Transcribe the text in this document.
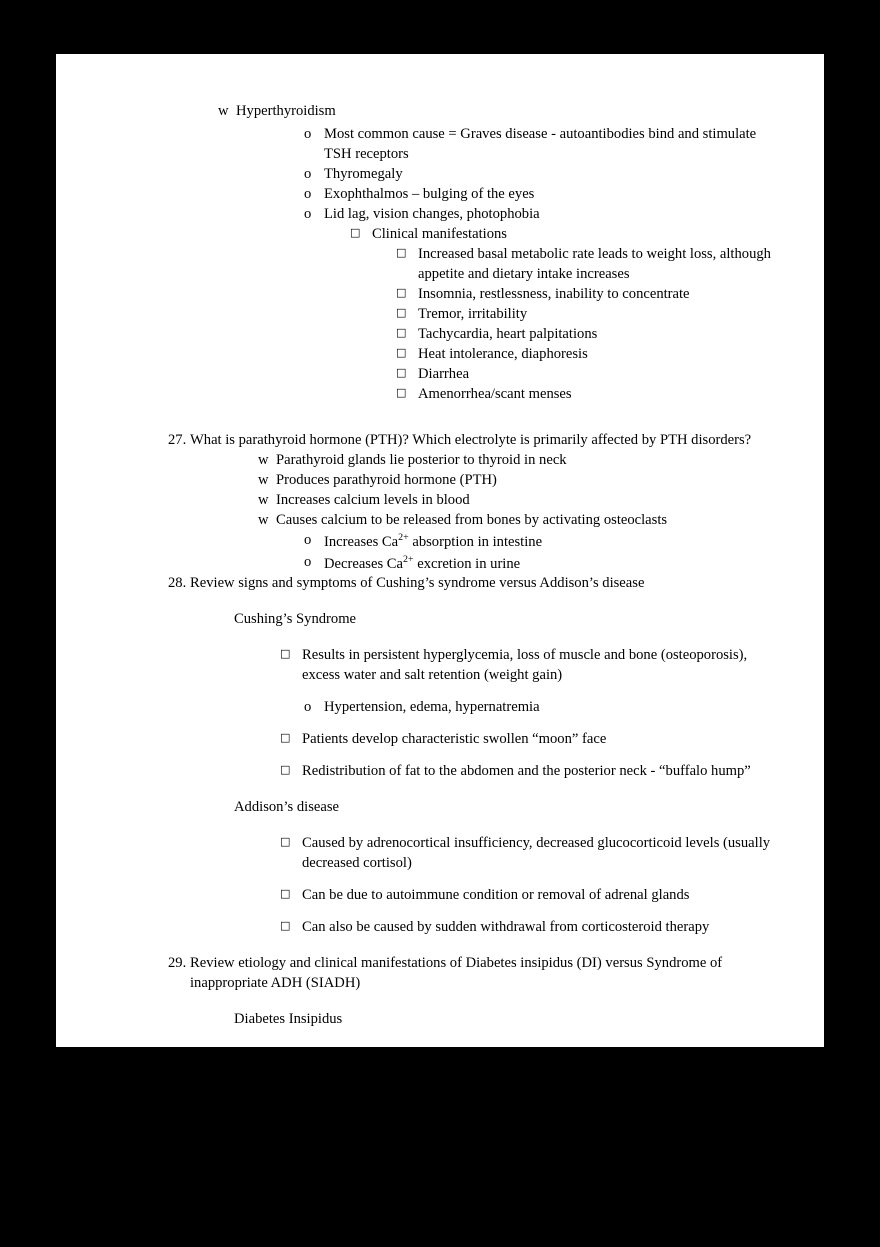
w Hyperthyroidism
o Most common cause = Graves disease - autoantibodies bind and stimulate TSH receptors
o Thyromegaly
o Exophthalmos – bulging of the eyes
o Lid lag, vision changes, photophobia
□ Clinical manifestations
□ Increased basal metabolic rate leads to weight loss, although appetite and dietary intake increases
□ Insomnia, restlessness, inability to concentrate
□ Tremor, irritability
□ Tachycardia, heart palpitations
□ Heat intolerance, diaphoresis
□ Diarrhea
□ Amenorrhea/scant menses
27. What is parathyroid hormone (PTH)? Which electrolyte is primarily affected by PTH disorders?
w Parathyroid glands lie posterior to thyroid in neck
w Produces parathyroid hormone (PTH)
w Increases calcium levels in blood
w Causes calcium to be released from bones by activating osteoclasts
o Increases $Ca^{2+}$ absorption in intestine
o Decreases $Ca^{2+}$ excretion in urine
28. Review signs and symptoms of Cushing’s syndrome versus Addison’s disease
Cushing’s Syndrome
□ Results in persistent hyperglycemia, loss of muscle and bone (osteoporosis), excess water and salt retention (weight gain)
o Hypertension, edema, hypernatremia
□ Patients develop characteristic swollen “moon” face
□ Redistribution of fat to the abdomen and the posterior neck - “buffalo hump”
Addison’s disease
□ Caused by adrenocortical insufficiency, decreased glucocorticoid levels (usually decreased cortisol)
□ Can be due to autoimmune condition or removal of adrenal glands
□ Can also be caused by sudden withdrawal from corticosteroid therapy
29. Review etiology and clinical manifestations of Diabetes insipidus (DI) versus Syndrome of inappropriate ADH (SIADH)
Diabetes Insipidus
w Caused by decrease or lack of ADH production
